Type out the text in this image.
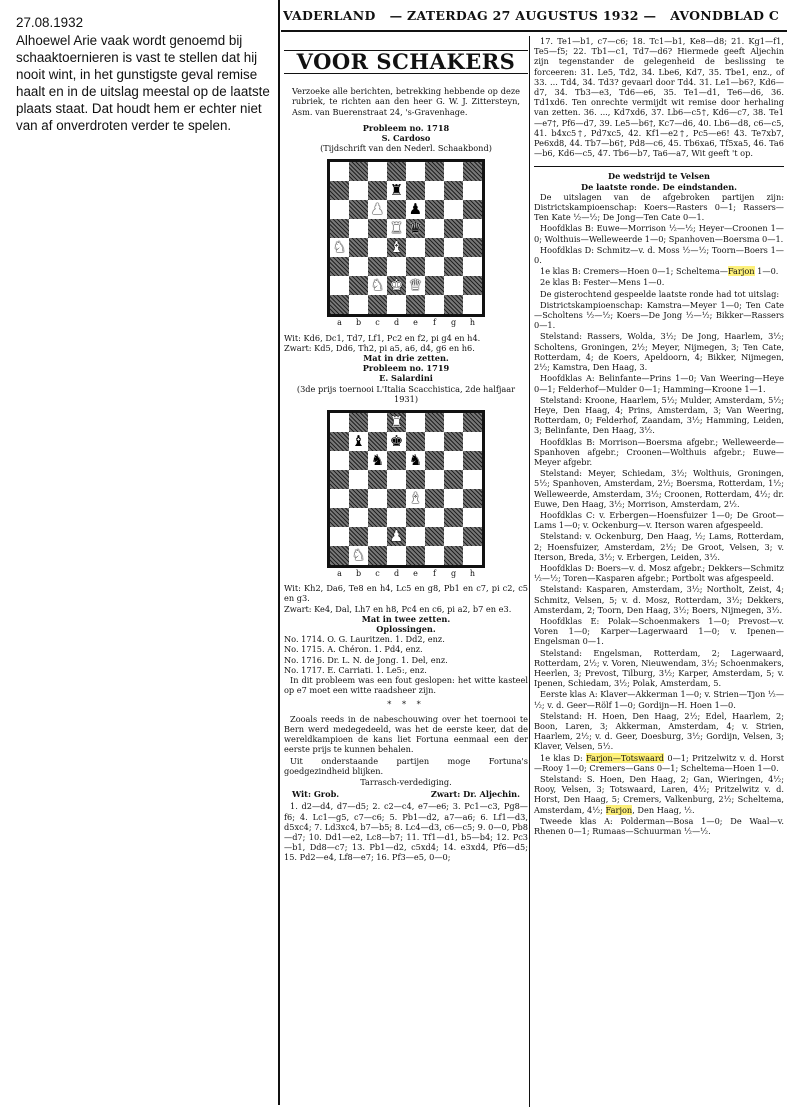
27.08.1932
Alhoewel Arie vaak wordt genoemd bij schaaktoernieren is vast te stellen dat hij nooit wint, in het gunstigste geval remise haalt en in de uitslag meestal op de laatste plaats staat. Dat houdt hem er echter niet van af onverdroten verder te spelen.
VADERLAND — ZATERDAG 27 AUGUSTUS 1932 — AVONDBLAD C
VOOR SCHAKERS
Verzoeke alle berichten, betrekking hebbende op deze rubriek, te richten aan den heer G. W. J. Zittersteyn, Asm. van Buerenstraat 24, 's-Gravenhage.
Probleem no. 1718
S. Cardoso
(Tijdschrift van den Nederl. Schaakbond)
♜
♟ ♟
♜ ♛
♞	♝
♞ ♚ ♛
a	b	c	d	e	f	g	h
Wit: Kd6, Dc1, Td7, Lf1, Pc2 en f2, pi g4 en h4.
Zwart: Kd5, Dd6, Th2, pi a5, a6, d4, g6 en h6.
Mat in drie zetten.
Probleem no. 1719
E. Salardini
(3de prijs toernooi L'Italia Scacchistica, 2de halfjaar 1931)
♜
♝ ♚
♞ ♞
♝
♟
♞
a	b	c	d	e	f	g	h
Wit: Kh2, Da6, Te8 en h4, Lc5 en g8, Pb1 en c7, pi c2, c5 en g3.
Zwart: Ke4, Dal, Lh7 en h8, Pc4 en c6, pi a2, b7 en e3.
Mat in twee zetten.
Oplossingen.
No. 1714. O. G. Lauritzen. 1. Dd2, enz.
No. 1715. A. Chéron. 1. Pd4, enz.
No. 1716. Dr. L. N. de Jong. 1. Del, enz.
No. 1717. E. Carriati. 1. Le5:, enz.
In dit probleem was een fout geslopen: het witte kasteel op e7 moet een witte raadsheer zijn.
* * *
Zooals reeds in de nabeschouwing over het toernooi te Bern werd medegedeeld, was het de eerste keer, dat de wereldkampioen de kans liet Fortuna eenmaal een der eerste prijs te kunnen behalen.
Uit onderstaande partijen moge Fortuna's goedgezindheid blijken.
Tarrasch-verdediging.
Wit: Grob.	Zwart: Dr. Aljechin.
1. d2—d4, d7—d5; 2. c2—c4, e7—e6; 3. Pc1—c3, Pg8—f6; 4. Lc1—g5, c7—c6; 5. Pb1—d2, a7—a6; 6. Lf1—d3, d5xc4; 7. Ld3xc4, b7—b5; 8. Lc4—d3, c6—c5; 9. 0—0, Pb8—d7; 10. Dd1—e2, Lc8—b7; 11. Tf1—d1, b5—b4; 12. Pc3—b1, Dd8—c7; 13. Pb1—d2, c5xd4; 14. e3xd4, Pf6—d5; 15. Pd2—e4, Lf8—e7; 16. Pf3—e5, 0—0;
17. Te1—b1, c7—c6; 18. Tc1—b1, Ke8—d8; 21. Kg1—f1, Te5—f5; 22. Tb1—c1, Td7—d6? Hiermede geeft Aljechin zijn tegenstander de gelegenheid de beslissing te forceeren: 31. Le5, Td2, 34. Lbe6, Kd7, 35. Tbe1, enz., of 33. ... Td4, 34. Td3? gevaarl door Td4. 31. Le1—b6?, Kd6—d7, 34. Tb3—e3, Td6—e6, 35. Te1—d1, Te6—d6, 36. Td1xd6. Ten onrechte vermijdt wit remise door herhaling van zetten. 36. ..., Kd7xd6, 37. Lb6—c5†, Kd6—c7, 38. Te1—e7†, Pf6—d7, 39. Le5—b6†, Kc7—d6, 40. Lb6—d8, c6—c5, 41. b4xc5†, Pd7xc5, 42. Kf1—e2†, Pc5—e6! 43. Te7xb7, Pe6xd8, 44. Tb7—b6†, Pd8—c6, 45. Tb6xa6, Tf5xa5, 46. Ta6—b6, Kd6—c5, 47. Tb6—b7, Ta6—a7, Wit geeft 't op.
De wedstrijd te Velsen
De laatste ronde. De eindstanden.
De uitslagen van de afgebroken partijen zijn: Districtskampioenschap: Koers—Rasters 0—1; Rassers—Ten Kate ½—½; De Jong—Ten Cate 0—1.
Hoofdklas B: Euwe—Morrison ½—½; Heyer—Croonen 1—0; Wolthuis—Welleweerde 1—0; Spanhoven—Boersma 0—1.
Hoofdklas D: Schmitz—v. d. Moss ½—½; Toorn—Boers 1—0.
1e klas B: Cremers—Hoen 0—1; Scheltema—Farjon 1—0.
2e klas B: Fester—Mens 1—0.
De gisterochtend gespeelde laatste ronde had tot uitslag:
Districtskampioenschap: Kamstra—Meyer 1—0; Ten Cate—Scholtens ½—½; Koers—De Jong ½—½; Bikker—Rassers 0—1.
Stelstand: Rassers, Wolda, 3½; De Jong, Haarlem, 3½; Scholtens, Groningen, 2½; Meyer, Nijmegen, 3; Ten Cate, Rotterdam, 4; de Koers, Apeldoorn, 4; Bikker, Nijmegen, 2½; Kamstra, Den Haag, 3.
Hoofdklas A: Belinfante—Prins 1—0; Van Weering—Heye 0—1; Felderhof—Mulder 0—1; Hamming—Kroone 1—1.
Stelstand: Kroone, Haarlem, 5½; Mulder, Amsterdam, 5½; Heye, Den Haag, 4; Prins, Amsterdam, 3; Van Weering, Rotterdam, 0; Felderhof, Zaandam, 3½; Hamming, Leiden, 3; Belinfante, Den Haag, 3½.
Hoofdklas B: Morrison—Boersma afgebr.; Welleweerde—Spanhoven afgebr.; Croonen—Wolthuis afgebr.; Euwe—Meyer afgebr.
Stelstand: Meyer, Schiedam, 3½; Wolthuis, Groningen, 5½; Spanhoven, Amsterdam, 2½; Boersma, Rotterdam, 1½; Welleweerde, Amsterdam, 3½; Croonen, Rotterdam, 4½; dr. Euwe, Den Haag, 3½; Morrison, Amsterdam, 2½.
Hoofdklas C: v. Erbergen—Hoensfuizer 1—0; De Groot—Lams 1—0; v. Ockenburg—v. Iterson waren afgespeeld.
Stelstand: v. Ockenburg, Den Haag, ½; Lams, Rotterdam, 2; Hoensfuizer, Amsterdam, 2½; De Groot, Velsen, 3; v. Iterson, Breda, 3½; v. Erbergen, Leiden, 3½.
Hoofdklas D: Boers—v. d. Mosz afgebr.; Dekkers—Schmitz ½—½; Toren—Kasparen afgebr.; Portbolt was afgespeeld.
Stelstand: Kasparen, Amsterdam, 3½; Northolt, Zeist, 4; Schmitz, Velsen, 5; v. d. Mosz, Rotterdam, 3½; Dekkers, Amsterdam, 2; Toorn, Den Haag, 3½; Boers, Nijmegen, 3½.
Hoofdklas E: Polak—Schoenmakers 1—0; Prevost—v. Voren 1—0; Karper—Lagerwaard 1—0; v. Ipenen—Engelsman 0—1.
Stelstand: Engelsman, Rotterdam, 2; Lagerwaard, Rotterdam, 2½; v. Voren, Nieuwendam, 3½; Schoenmakers, Heerlen, 3; Prevost, Tilburg, 3½; Karper, Amsterdam, 5; v. Ipenen, Schiedam, 3½; Polak, Amsterdam, 5.
Eerste klas A: Klaver—Akkerman 1—0; v. Strien—Tjon ½—½; v. d. Geer—Rölf 1—0; Gordijn—H. Hoen 1—0.
Stelstand: H. Hoen, Den Haag, 2½; Edel, Haarlem, 2; Boon, Laren, 3; Akkerman, Amsterdam, 4; v. Strien, Haarlem, 2½; v. d. Geer, Doesburg, 3½; Gordijn, Velsen, 3; Klaver, Velsen, 5½.
1e klas D: Farjon—Totswaard 0—1; Pritzelwitz v. d. Horst—Rooy 1—0; Cremers—Gans 0—1; Scheltema—Hoen 1—0.
Stelstand: S. Hoen, Den Haag, 2; Gan, Wieringen, 4½; Rooy, Velsen, 3; Totswaard, Laren, 4½; Pritzelwitz v. d. Horst, Den Haag, 5; Cremers, Valkenburg, 2½; Scheltema, Amsterdam, 4½; Farjon, Den Haag, ½.
Tweede klas A: Polderman—Bosa 1—0; De Waal—v. Rhenen 0—1; Rumaas—Schuurman ½—½.
